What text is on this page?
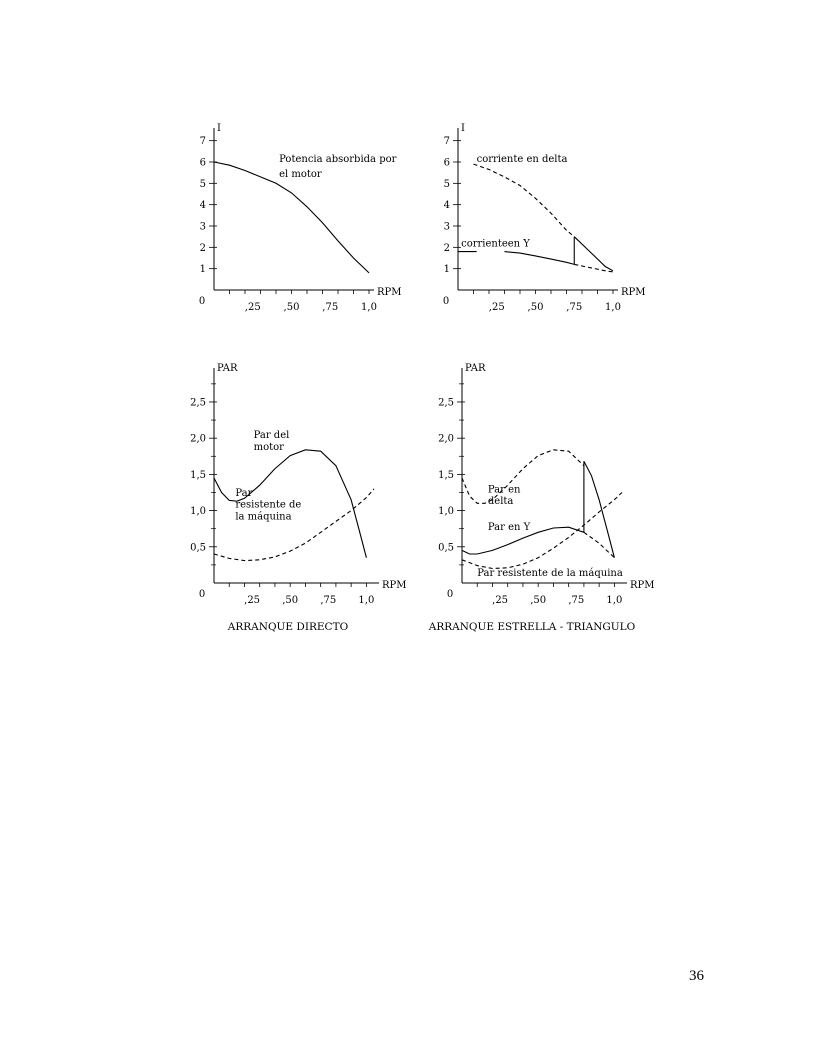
1
2
3
4
5
6
7
,25 ,50 ,75 1,0
0
I
RPM
Potencia absorbida por
el motor
1
2
3
4
5
6
7
,25 ,50 ,75 1,0
0
I
RPM
corriente en delta
corrienteen Y
0,5
1,0
1,5
2,0
2,5
,25 ,50 ,75 1,0
0
PAR
RPM
Par del
motor
Par
resistente de
la máquina
ARRANQUE DIRECTO
0,5
1,0
1,5
2,0
2,5
,25 ,50 ,75 1,0
0
PAR
RPM
Par en
delta
Par en Y
Par resistente de la máquina
ARRANQUE ESTRELLA - TRIANGULO
36
